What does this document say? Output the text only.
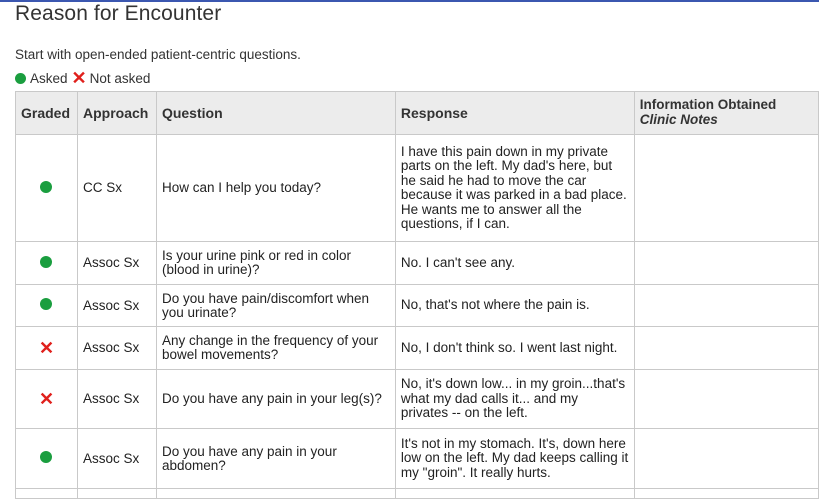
Reason for Encounter
Start with open-ended patient-centric questions.
Asked ✕ Not asked
Graded	Approach	Question	Response	Information Obtained
Clinic Notes

	CC Sx	How can I help you today?	I have this pain down in my private parts on the left. My dad's here, but he said he had to move the car because it was parked in a bad place. He wants me to answer all the questions, if I can.	
	Assoc Sx	Is your urine pink or red in color (blood in urine)?	No. I can't see any.	
	Assoc Sx	Do you have pain/discomfort when you urinate?	No, that's not where the pain is.	
✕	Assoc Sx	Any change in the frequency of your bowel movements?	No, I don't think so. I went last night.	
✕	Assoc Sx	Do you have any pain in your leg(s)?	No, it's down low... in my groin...that's what my dad calls it... and my privates -- on the left.	
	Assoc Sx	Do you have any pain in your abdomen?	It's not in my stomach. It's, down here low on the left. My dad keeps calling it my "groin". It really hurts.	
